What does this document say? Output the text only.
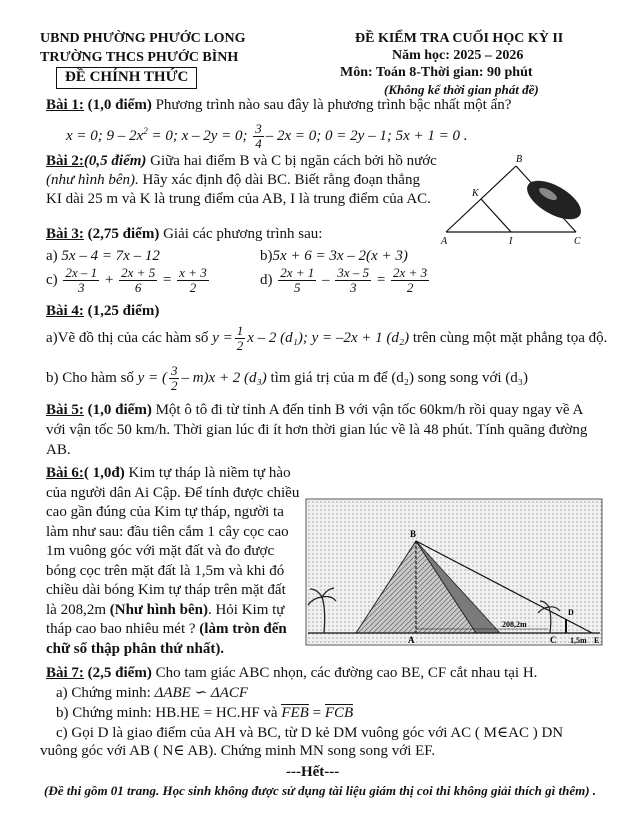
UBND PHƯỜNG PHƯỚC LONG
TRƯỜNG THCS PHƯỚC BÌNH
ĐỀ CHÍNH THỨC
ĐỀ KIỂM TRA CUỐI HỌC KỲ II
Năm học: 2025 – 2026
Môn: Toán 8-Thời gian: 90 phút
(Không kể thời gian phát đề)
Bài 1: (1,0 điểm) Phương trình nào sau đây là phương trình bậc nhất một ẩn?
x = 0; $9 - 2x^2 = 0$; x – 2y = 0; $\frac{3}{4} - 2x = 0$; 0 = 2y – 1; 5x + 1 = 0 .
Bài 2:(0,5 điểm) Giữa hai điểm B và C bị ngăn cách bởi hồ nước (như hình bên). Hãy xác định độ dài BC. Biết rằng đoạn thẳng KI dài 25 m và K là trung điểm của AB, I là trung điểm của AC.
B
K
A	I	C
Bài 3: (2,75 điểm) Giải các phương trình sau:
a) 5x – 4 = 7x – 12	b)5x + 6 = 3x – 2(x + 3)
$c) \frac{2x - 1}{3} + \frac{2x + 5}{6} = \frac{x + 3}{2}$	$d) \frac{2x + 1}{5} - \frac{3x - 5}{3} = \frac{2x + 3}{2}$
Bài 4: (1,25 điểm)
a)Vẽ đồ thị của các hàm số $y = \frac{1}{2}$ x – 2 (d₁); y = –2x + 1 (d₂) trên cùng một mặt phẳng tọa độ.
b) Cho hàm số y = ( $\frac{3}{2} - m)x + 2$ (d₃) tìm giá trị của m để (d₂) song song với (d₃)
Bài 5: (1,0 điểm) Một ô tô đi từ tỉnh A đến tỉnh B với vận tốc 60km/h rồi quay ngay về A với vận tốc 50 km/h. Thời gian lúc đi ít hơn thời gian lúc về là 48 phút. Tính quãng đường AB.
Bài 6:( 1,0đ) Kim tự tháp là niềm tự hào của người dân Ai Cập. Để tính được chiều cao gần đúng của Kim tự tháp, người ta làm như sau: đầu tiên cắm 1 cây cọc cao 1m vuông góc với mặt đất và đo được bóng cọc trên mặt đất là 1,5m và khi đó chiều dài bóng Kim tự tháp trên mặt đất là 208,2m (Như hình bên). Hỏi Kim tự tháp cao bao nhiêu mét ? (làm tròn đến chữ số thập phân thứ nhất).
B
A
208,2m
C
D
1,5m E
Bài 7: (2,5 điểm) Cho tam giác ABC nhọn, các đường cao BE, CF cắt nhau tại H.
a) Chứng minh: ΔABE ∽ ΔACF
b) Chứng minh: HB.HE = HC.HF và FEB = FCB
c) Gọi D là giao điểm của AH và BC, từ D kẻ DM vuông góc với AC ( M∈AC ) DN vuông góc với AB ( N∈ AB). Chứng minh MN song song với EF.
---Hết---
(Đề thi gồm 01 trang. Học sinh không được sử dụng tài liệu giám thị coi thi không giải thích gì thêm) .
